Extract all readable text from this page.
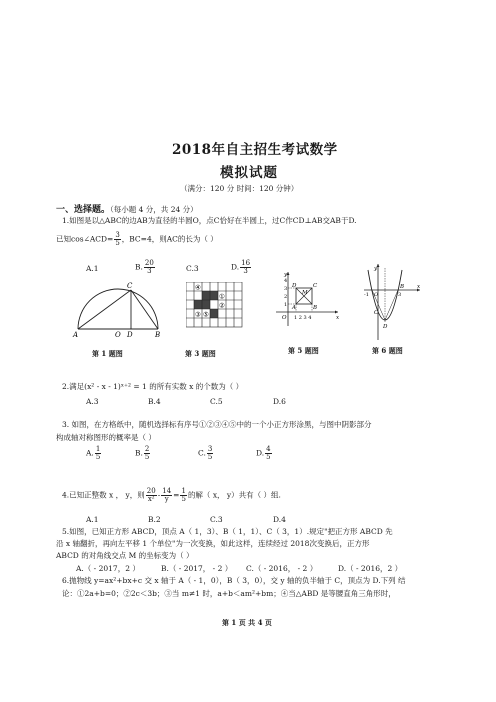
2018年自主招生考试数学
模拟试题
（满分：120 分 时间：120 分钟）
一、选择题。（每小题 4 分，共 24 分）
1.如图是以△ABC的边AB为直径的半圆O，点C恰好在半圆上，过C作CD⊥AB交AB于D.
已知cos∠ACD= $\frac{3}{5}$ ，BC=4，则AC的长为（ ）
A.1	B. $\frac{20}{3}$	C.3	D. $\frac{16}{3}$
C
A	O D	B
④
①
②
③ ⑤
y
x
4
3
2
1
D
M
C
A	B
O 1 2 3 4
y
x
-1 O	3
B
C
D
第 1 题图	第 3 题图	第 5 题图	第 6 题图
2.满足(x² - x - 1)ˣ⁺² = 1 的所有实数 x 的个数为（ ）
A.3	B.4	C.5	D.6
3. 如图，在方格纸中，随机选择标有序号①②③④⑤中的一个小正方形涂黑，与图中阴影部分
构成轴对称图形的概率是（ ）
A. $\frac{1}{5}$	B. $\frac{2}{5}$	C. $\frac{3}{5}$	D. $\frac{4}{5}$
4.已知正整数 x ， y，则 $\frac{20}{\text{x²}} - \frac{14}{y} = \frac{1}{5}$ 的解（ x， y）共有（ ）组.
A.1	B.2	C.3	D.4
5.如图，已知正方形 ABCD，顶点 A（ 1，3）、B（ 1，1）、C（ 3，1）.规定"把正方形 ABCD 先
沿 x 轴翻折，再向左平移 1 个单位"为一次变换，如此这样，连续经过 2018次变换后，正方形
ABCD 的对角线交点 M 的坐标变为（ ）
A.（ - 2017，2 ）	B.（ - 2017， - 2 ） C.（ - 2016， - 2 ）	D.（ - 2016，2 ）
6.抛物线 y=ax²+bx+c 交 x 轴于 A（ - 1，0），B（ 3，0），交 y 轴的负半轴于 C，顶点为 D.下列 结
论：①2a+b=0；②2c＜3b；③当 m≠1 时，a+b＜am²+bm；④当△ABD 是等腰直角三角形时，
第 1 页 共 4 页
